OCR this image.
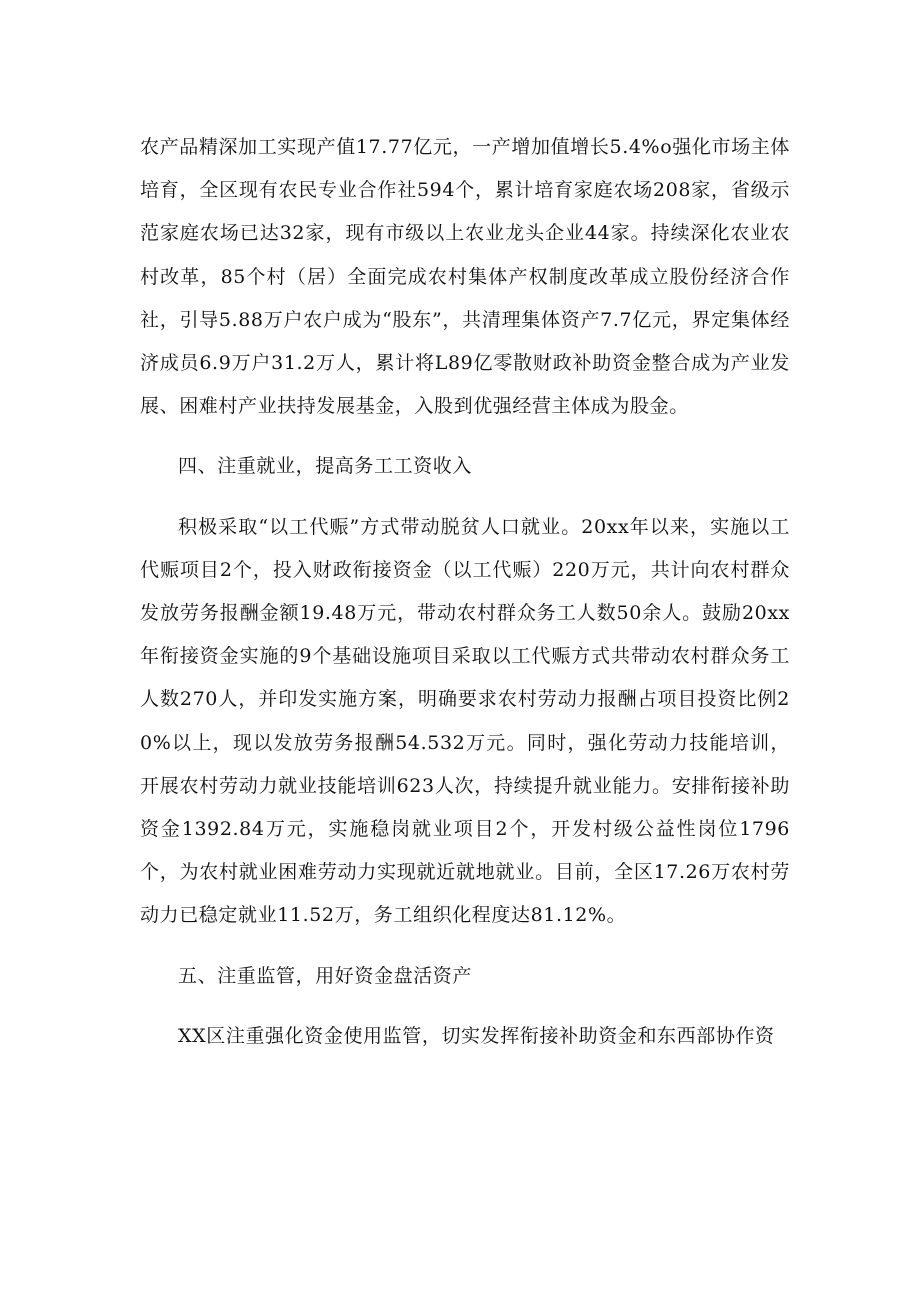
农产品精深加工实现产值17.77亿元，一产增加值增长5.4%o强化市场主体培育，全区现有农民专业合作社594个，累计培育家庭农场208家，省级示范家庭农场已达32家，现有市级以上农业龙头企业44家。持续深化农业农村改革，85个村（居）全面完成农村集体产权制度改革成立股份经济合作社，引导5.88万户农户成为“股东”，共清理集体资产7.7亿元，界定集体经济成员6.9万户31.2万人，累计将L89亿零散财政补助资金整合成为产业发展、困难村产业扶持发展基金，入股到优强经营主体成为股金。

四、注重就业，提高务工工资收入

积极采取“以工代赈”方式带动脱贫人口就业。20xx年以来，实施以工代赈项目2个，投入财政衔接资金（以工代赈）220万元，共计向农村群众发放劳务报酬金额19.48万元，带动农村群众务工人数50余人。鼓励20xx年衔接资金实施的9个基础设施项目采取以工代赈方式共带动农村群众务工人数270人，并印发实施方案，明确要求农村劳动力报酬占项目投资比例20%以上，现以发放劳务报酬54.532万元。同时，强化劳动力技能培训，开展农村劳动力就业技能培训623人次，持续提升就业能力。安排衔接补助资金1392.84万元，实施稳岗就业项目2个，开发村级公益性岗位1796个，为农村就业困难劳动力实现就近就地就业。目前，全区17.26万农村劳动力已稳定就业11.52万，务工组织化程度达81.12%。

五、注重监管，用好资金盘活资产

XX区注重强化资金使用监管，切实发挥衔接补助资金和东西部协作资
